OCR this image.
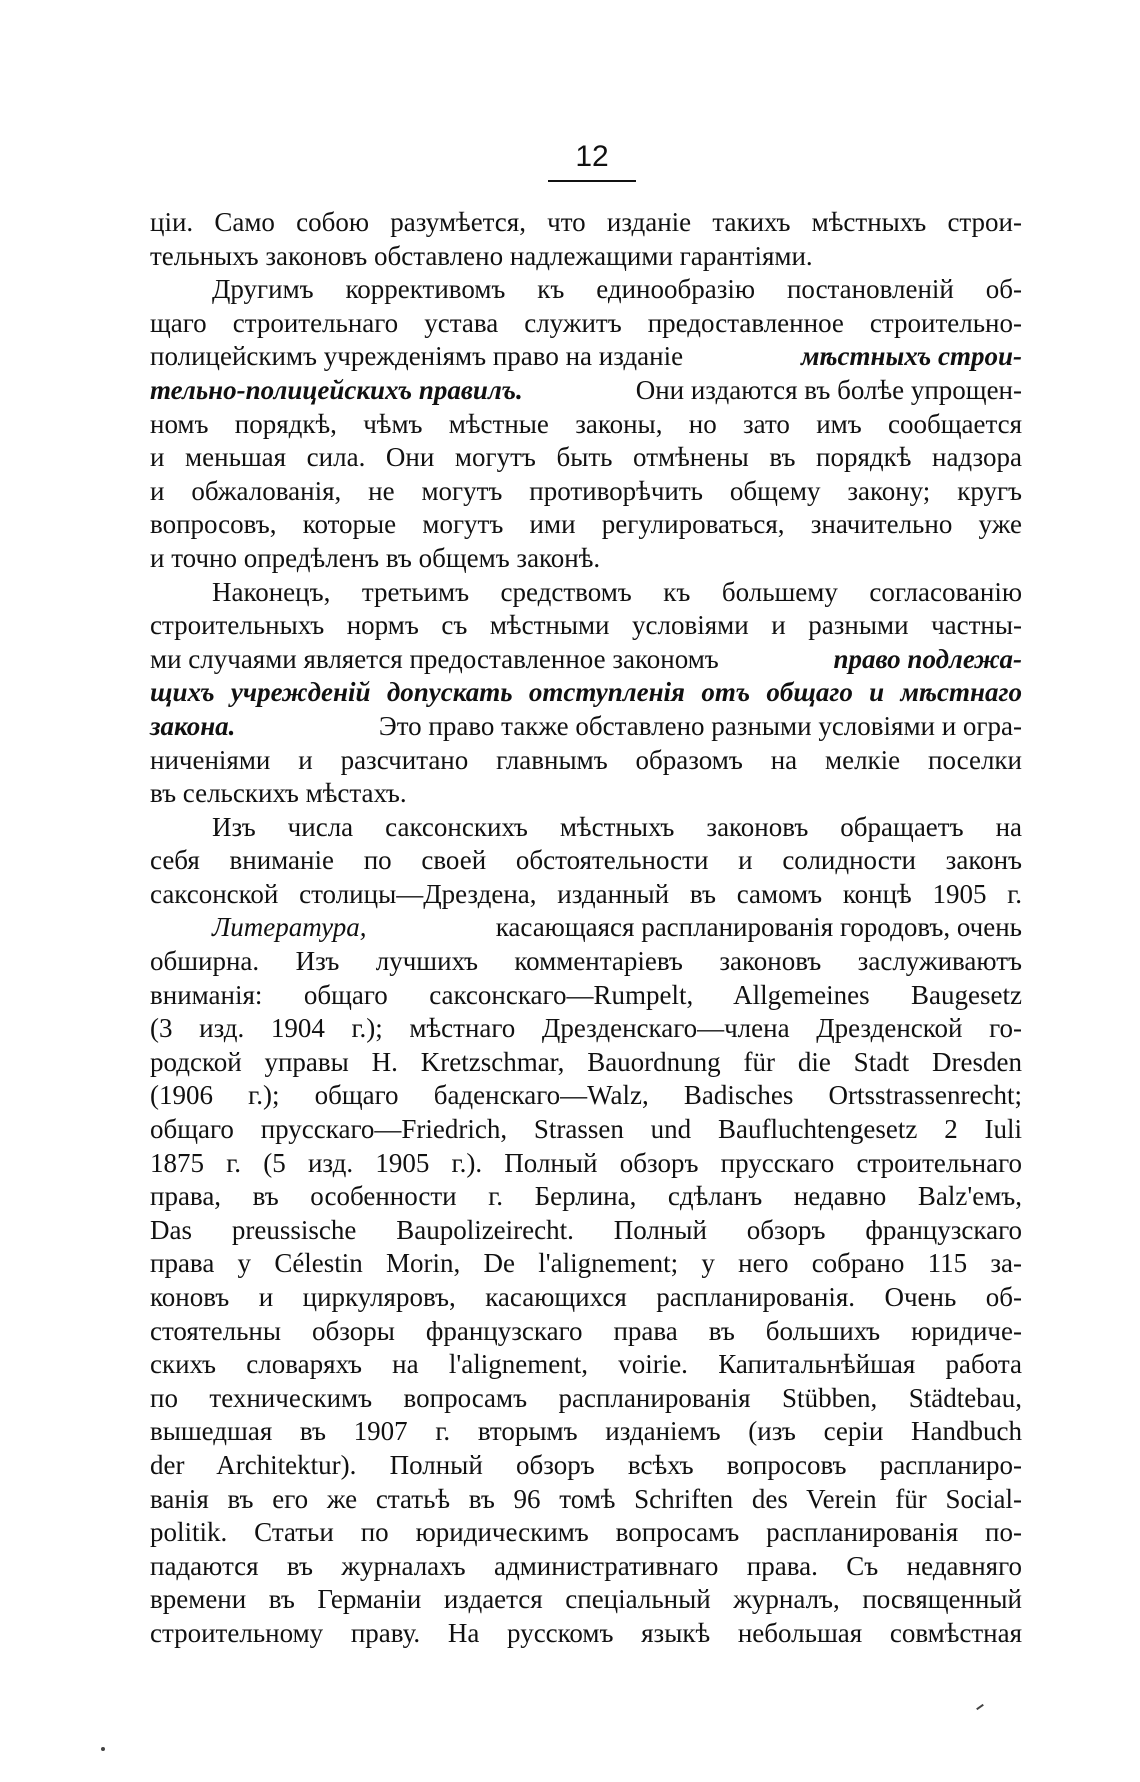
12
ціи. Само собою разумѣется, что изданіе такихъ мѣстныхъ строи-
тельныхъ законовъ обставлено надлежащими гарантіями.
Другимъ коррективомъ къ единообразію постановленій об-
щаго строительнаго устава служитъ предоставленное строительно-
полицейскимъ учрежденіямъ право на изданіе	мѣстныхъ строи-
тельно-полицейскихъ правилъ.	Они издаются въ болѣе упрощен-
номъ порядкѣ, чѣмъ мѣстные законы, но зато имъ сообщается
и меньшая сила. Они могутъ быть отмѣнены въ порядкѣ надзора
и обжалованія, не могутъ противорѣчить общему закону; кругъ
вопросовъ, которые могутъ ими регулироваться, значительно уже
и точно опредѣленъ въ общемъ законѣ.
Наконецъ, третьимъ средствомъ къ большему согласованію
строительныхъ нормъ съ мѣстными условіями и разными частны-
ми случаями является предоставленное закономъ	право подлежа-
щихъ учрежденій допускать отступленія отъ общаго и мѣстнаго
закона.	Это право также обставлено разными условіями и огра-
ниченіями и разсчитано главнымъ образомъ на мелкіе поселки
въ сельскихъ мѣстахъ.
Изъ числа саксонскихъ мѣстныхъ законовъ обращаетъ на
себя вниманіе по своей обстоятельности и солидности законъ
саксонской столицы—Дрездена, изданный въ самомъ концѣ 1905 г.
Литература,	касающаяся распланированія городовъ, очень
обширна. Изъ лучшихъ комментаріевъ законовъ заслуживаютъ
вниманія: общаго саксонскаго—Rumpelt, Allgemeines Baugesetz
(3 изд. 1904 г.); мѣстнаго Дрезденскаго—члена Дрезденской го-
родской управы H. Kretzschmar, Bauordnung für die Stadt Dresden
(1906 г.); общаго баденскаго—Walz, Badisches Ortsstrassenrecht;
общаго прусскаго—Friedrich, Strassen und Baufluchtengesetz 2 Iuli
1875 г. (5 изд. 1905 г.). Полный обзоръ прусскаго строительнаго
права, въ особенности г. Берлина, сдѣланъ недавно Balz'емъ,
Das preussische Baupolizeirecht. Полный обзоръ французскаго
права у Célestin Morin, De l'alignement; у него собрано 115 за-
коновъ и циркуляровъ, касающихся распланированія. Очень об-
стоятельны обзоры французскаго права въ большихъ юридиче-
скихъ словаряхъ на l'alignement, voirie. Капитальнѣйшая работа
по техническимъ вопросамъ распланированія Stübben, Städtebau,
вышедшая въ 1907 г. вторымъ изданіемъ (изъ серіи Handbuch
der Architektur). Полный обзоръ всѣхъ вопросовъ распланиро-
ванія въ его же статьѣ въ 96 томѣ Schriften des Verein für Social-
politik. Статьи по юридическимъ вопросамъ распланированія по-
падаются въ журналахъ административнаго права. Съ недавняго
времени въ Германіи издается спеціальный журналъ, посвященный
строительному праву. На русскомъ языкѣ небольшая совмѣстная
